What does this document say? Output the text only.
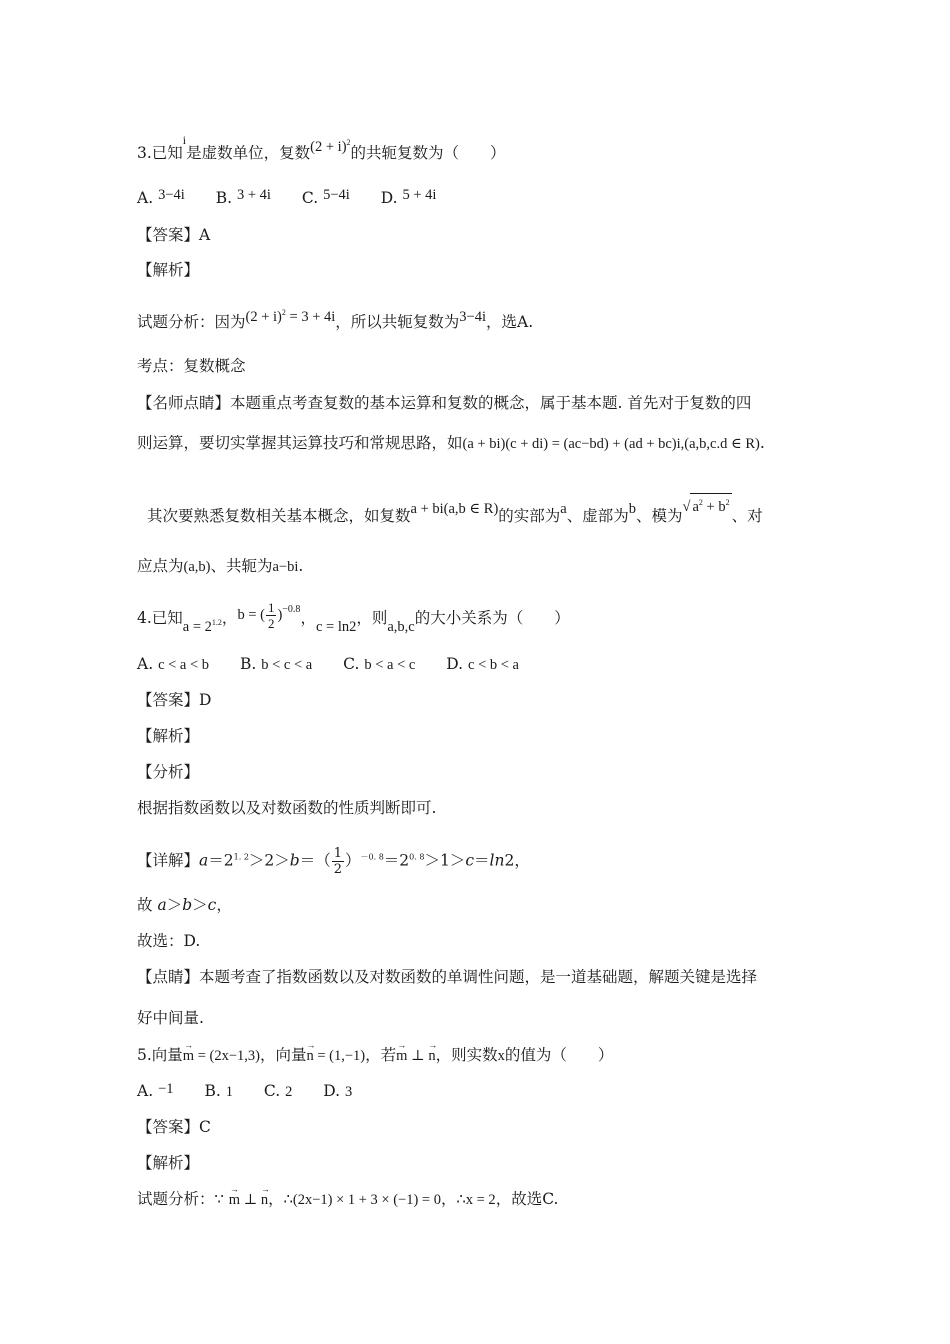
3.已知$^i$是虚数单位，复数$(2 + i)^2$的共轭复数为（　　）
A. 3−4i B. 3 + 4i C. 5−4i D. 5 + 4i
【答案】A
【解析】
试题分析：因为$(2 + i)^2 = 3 + 4i$，所以共轭复数为3−4i，选A.
考点：复数概念
【名师点睛】本题重点考查复数的基本运算和复数的概念，属于基本题. 首先对于复数的四
则运算，要切实掌握其运算技巧和常规思路，如(a + bi)(c + di) = (ac−bd) + (ad + bc)i,(a,b,c.d ∈ R).
其次要熟悉复数相关基本概念，如复数a + bi(a,b ∈ R)的实部为a、虚部为b、模为√ $a^2 + b^2$、对
应点为(a,b)、共轭为a−bi.
4.已知$a = 2^{1.2}$，b = ( $\frac{1}{2} )^{-0.8}$，c = ln2，则a,b,c的大小关系为（　　）
A. c < a < b B. b < c < a C. b < a < c D. c < b < a
【答案】D
【解析】
【分析】
根据指数函数以及对数函数的性质判断即可.
【详解】$a=2^{1. 2}>2>b=( \frac{1}{2} )^{-0. 8}=2^{0. 8}>1>c=\ln 2$，
故 a＞b＞c，
故选：D.
【点睛】本题考查了指数函数以及对数函数的单调性问题，是一道基础题，解题关键是选择
好中间量.
5.向量→ m = (2x−1,3)，向量→ n = (1,−1)，若→ m ⊥ → n，则实数x的值为（　　）
A. −1 B. 1 C. 2 D. 3
【答案】C
【解析】
试题分析：∵ → m ⊥ → n，∴(2x−1) × 1 + 3 × (−1) = 0，∴x = 2，故选C.
